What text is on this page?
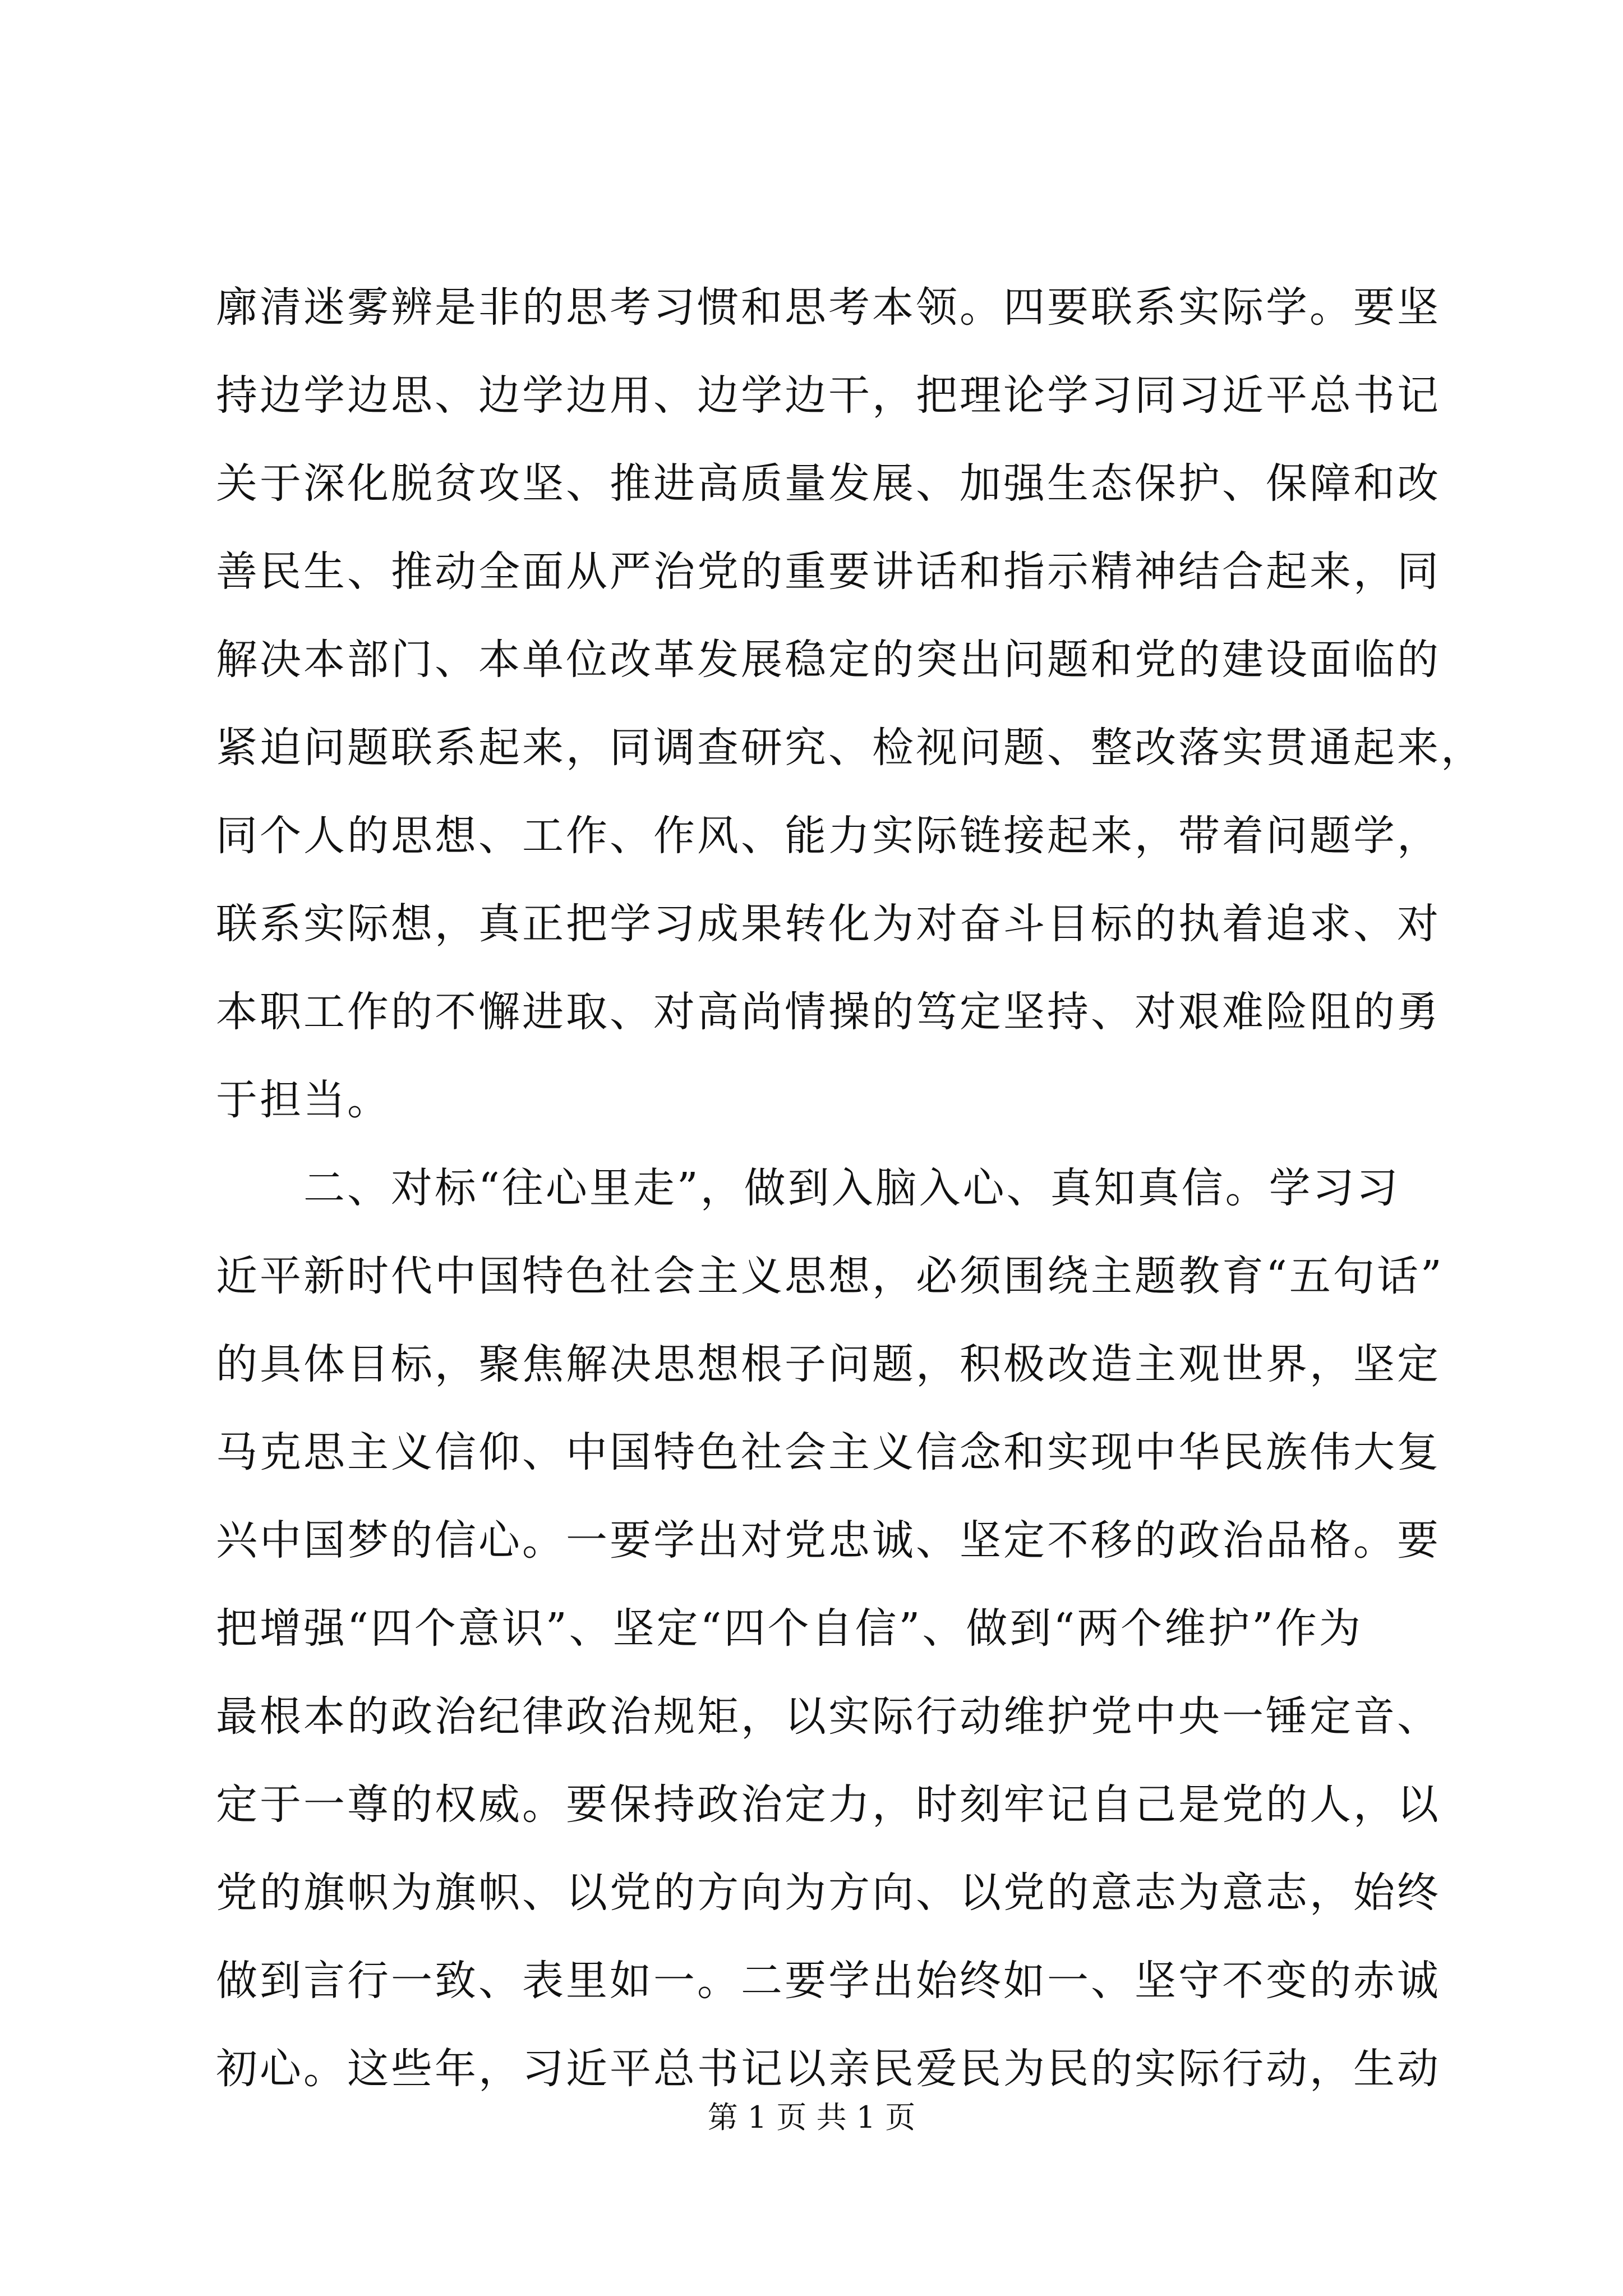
廓清迷雾辨是非的思考习惯和思考本领。四要联系实际学。要坚
持边学边思、边学边用、边学边干，把理论学习同习近平总书记
关于深化脱贫攻坚、推进高质量发展、加强生态保护、保障和改
善民生、推动全面从严治党的重要讲话和指示精神结合起来，同
解决本部门、本单位改革发展稳定的突出问题和党的建设面临的
紧迫问题联系起来，同调查研究、检视问题、整改落实贯通起来，
同个人的思想、工作、作风、能力实际链接起来，带着问题学，
联系实际想，真正把学习成果转化为对奋斗目标的执着追求、对
本职工作的不懈进取、对高尚情操的笃定坚持、对艰难险阻的勇
于担当。
　　二、对标“往心里走”，做到入脑入心、真知真信。学习习
近平新时代中国特色社会主义思想，必须围绕主题教育“五句话”
的具体目标，聚焦解决思想根子问题，积极改造主观世界，坚定
马克思主义信仰、中国特色社会主义信念和实现中华民族伟大复
兴中国梦的信心。一要学出对党忠诚、坚定不移的政治品格。要
把增强“四个意识”、坚定“四个自信”、做到“两个维护”作为
最根本的政治纪律政治规矩，以实际行动维护党中央一锤定音、
定于一尊的权威。要保持政治定力，时刻牢记自己是党的人，以
党的旗帜为旗帜、以党的方向为方向、以党的意志为意志，始终
做到言行一致、表里如一。二要学出始终如一、坚守不变的赤诚
初心。这些年，习近平总书记以亲民爱民为民的实际行动，生动
第 1 页 共 1 页
